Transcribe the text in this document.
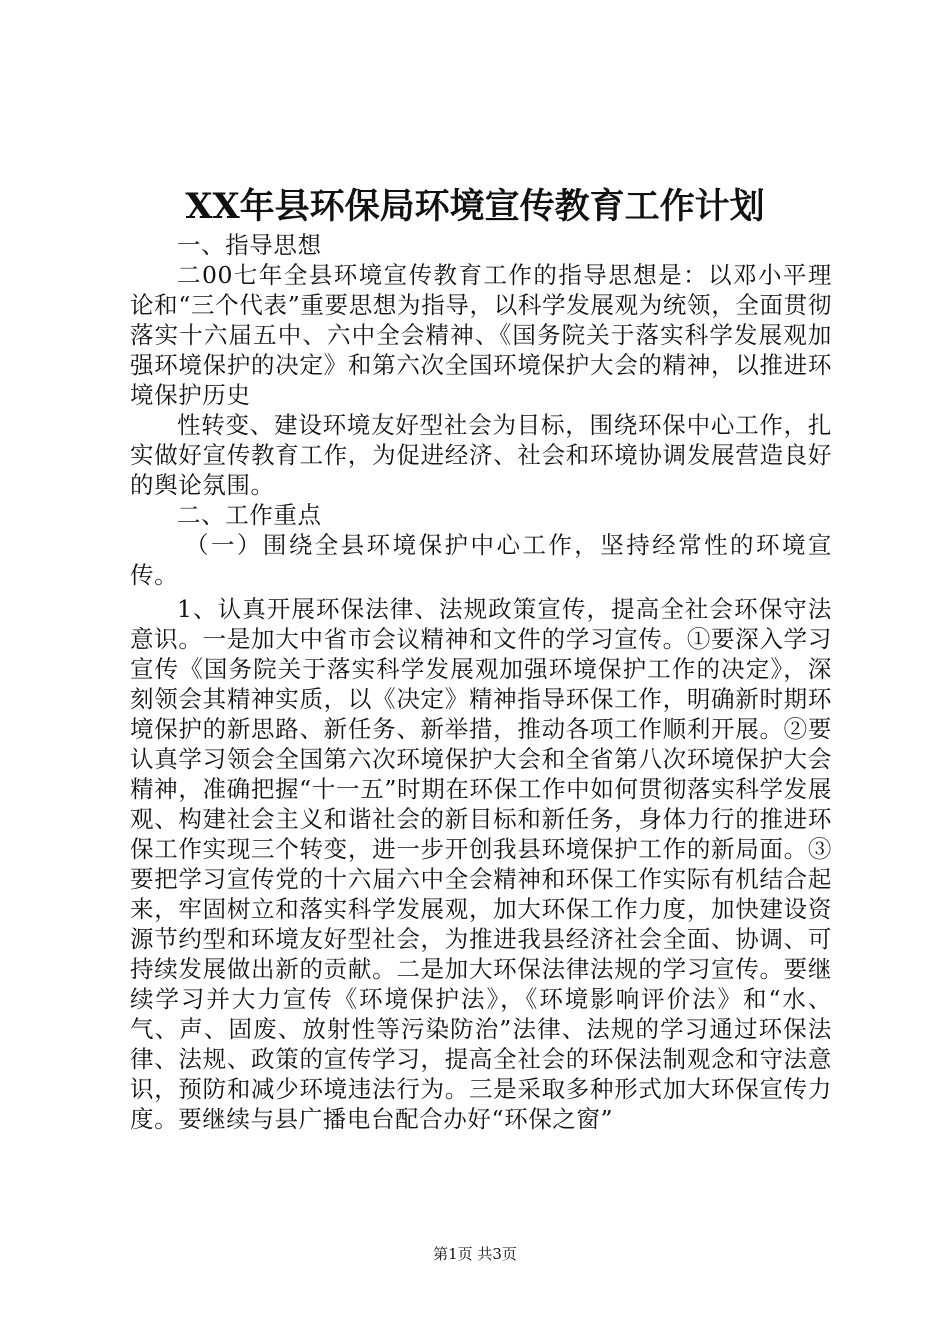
XX年县环保局环境宣传教育工作计划

一、指导思想

二00七年全县环境宣传教育工作的指导思想是：以邓小平理论和“三个代表”重要思想为指导，以科学发展观为统领，全面贯彻落实十六届五中、六中全会精神、《国务院关于落实科学发展观加强环境保护的决定》和第六次全国环境保护大会的精神，以推进环境保护历史

性转变、建设环境友好型社会为目标，围绕环保中心工作，扎实做好宣传教育工作，为促进经济、社会和环境协调发展营造良好的舆论氛围。

二、工作重点

（一）围绕全县环境保护中心工作，坚持经常性的环境宣传。

1、认真开展环保法律、法规政策宣传，提高全社会环保守法意识。一是加大中省市会议精神和文件的学习宣传。①要深入学习宣传《国务院关于落实科学发展观加强环境保护工作的决定》，深刻领会其精神实质，以《决定》精神指导环保工作，明确新时期环境保护的新思路、新任务、新举措，推动各项工作顺利开展。②要认真学习领会全国第六次环境保护大会和全省第八次环境保护大会精神，准确把握“十一五”时期在环保工作中如何贯彻落实科学发展观、构建社会主义和谐社会的新目标和新任务，身体力行的推进环保工作实现三个转变，进一步开创我县环境保护工作的新局面。③要把学习宣传党的十六届六中全会精神和环保工作实际有机结合起来，牢固树立和落实科学发展观，加大环保工作力度，加快建设资源节约型和环境友好型社会，为推进我县经济社会全面、协调、可持续发展做出新的贡献。二是加大环保法律法规的学习宣传。要继续学习并大力宣传《环境保护法》，《环境影响评价法》和“水、气、声、固废、放射性等污染防治”法律、法规的学习通过环保法律、法规、政策的宣传学习，提高全社会的环保法制观念和守法意识，预防和减少环境违法行为。三是采取多种形式加大环保宣传力度。要继续与县广播电台配合办好“环保之窗”

第1页 共3页
